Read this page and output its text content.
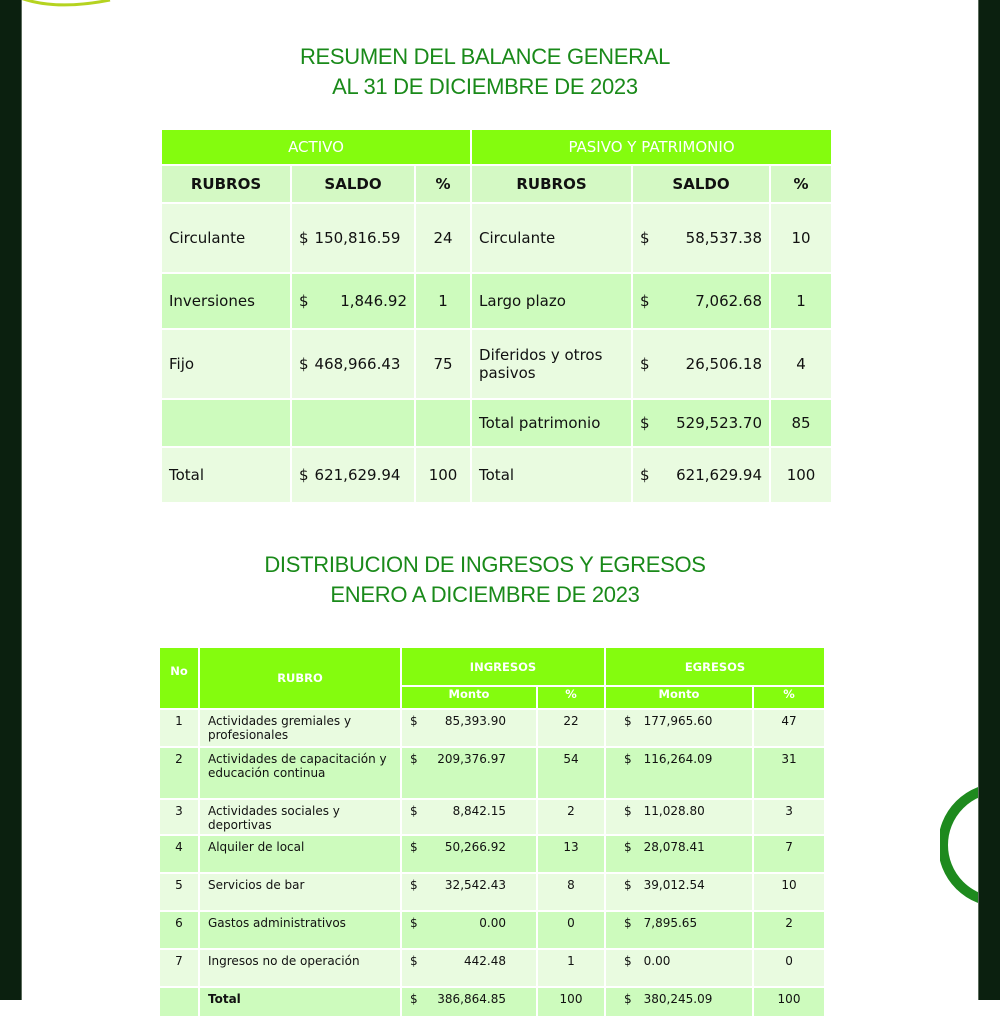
RESUMEN DEL BALANCE GENERAL
AL 31 DE DICIEMBRE DE 2023
ACTIVO			PASIVO Y PATRIMONIO		
RUBROS	SALDO	%	RUBROS	SALDO	%
Circulante	$ 150,816.59	24	Circulante	$ 58,537.38	10
Inversiones	$ 1,846.92	1	Largo plazo	$ 7,062.68	1
Fijo	$ 468,966.43	75	Diferidos y otros pasivos	$ 26,506.18	4
			Total patrimonio	$ 529,523.70	85
Total	$ 621,629.94	100	Total	$ 621,629.94	100
DISTRIBUCION DE INGRESOS Y EGRESOS
ENERO A DICIEMBRE DE 2023
No	RUBRO	INGRESOS		EGRESOS	
		Monto	%	Monto	%
1	Actividades gremiales y profesionales	$ 85,393.90	22	$ 177,965.60	47
2	Actividades de capacitación y educación continua	$ 209,376.97	54	$ 116,264.09	31
3	Actividades sociales y deportivas	$ 8,842.15	2	$ 11,028.80	3
4	Alquiler de local	$ 50,266.92	13	$ 28,078.41	7
5	Servicios de bar	$ 32,542.43	8	$ 39,012.54	10
6	Gastos administrativos	$ 0.00	0	$ 7,895.65	2
7	Ingresos no de operación	$ 442.48	1	$ 0.00	0
	Total	$ 386,864.85	100	$ 380,245.09	100
